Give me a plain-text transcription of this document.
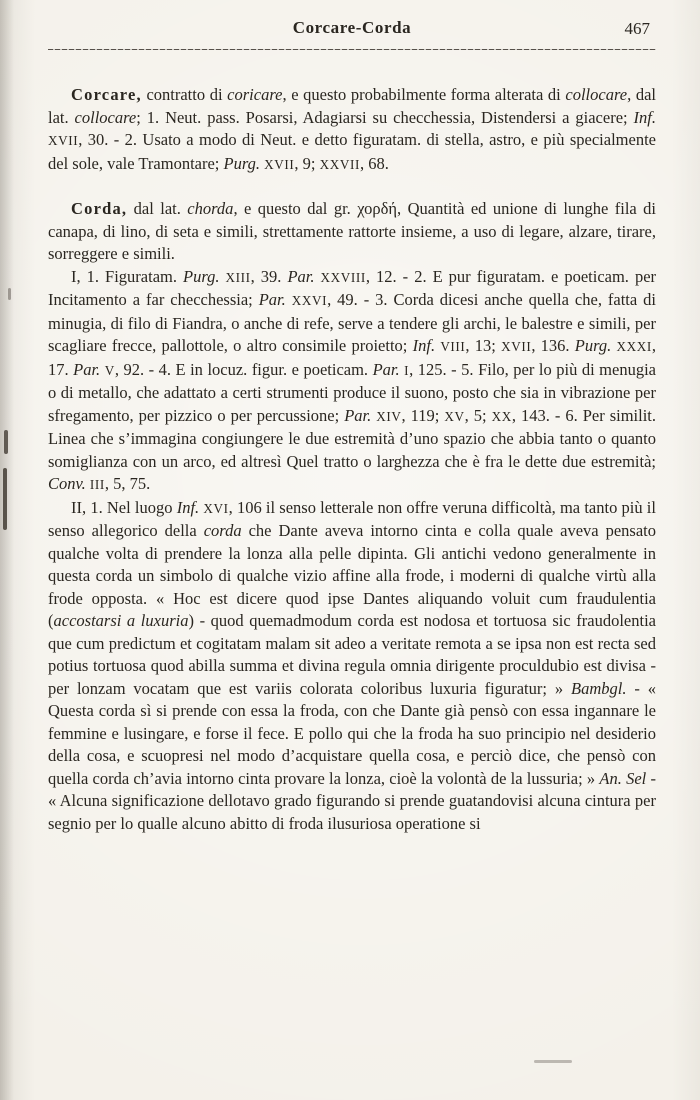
Corcare-Corda	467

Corcare, contratto di coricare, e questo probabilmente forma alterata di collocare, dal lat. collocare; 1. Neut. pass. Posarsi, Adagiarsi su checchessia, Distendersi a giacere; Inf. XVII, 30. - 2. Usato a modo di Neut. e detto figuratam. di stella, astro, e più specialmente del sole, vale Tramontare; Purg. XVII, 9; XXVII, 68.

Corda, dal lat. chorda, e questo dal gr. χορδή, Quantità ed unione di lunghe fila di canapa, di lino, di seta e simili, strettamente rattorte insieme, a uso di legare, alzare, tirare, sorreggere e simili.

I, 1. Figuratam. Purg. XIII, 39. Par. XXVIII, 12. - 2. E pur figuratam. e poeticam. per Incitamento a far checchessia; Par. XXVI, 49. - 3. Corda dicesi anche quella che, fatta di minugia, di filo di Fiandra, o anche di refe, serve a tendere gli archi, le balestre e simili, per scagliare frecce, pallottole, o altro consimile proietto; Inf. VIII, 13; XVII, 136. Purg. XXXI, 17. Par. V, 92. - 4. E in locuz. figur. e poeticam. Par. I, 125. - 5. Filo, per lo più di menugia o di metallo, che adattato a certi strumenti produce il suono, posto che sia in vibrazione per sfregamento, per pizzico o per percussione; Par. XIV, 119; XV, 5; XX, 143. - 6. Per similit. Linea che s’immagina congiungere le due estremità d’uno spazio che abbia tanto o quanto somiglianza con un arco, ed altresì Quel tratto o larghezza che è fra le dette due estremità; Conv. III, 5, 75.

II, 1. Nel luogo Inf. XVI, 106 il senso letterale non offre veruna difficoltà, ma tanto più il senso allegorico della corda che Dante aveva intorno cinta e colla quale aveva pensato qualche volta di prendere la lonza alla pelle dipinta. Gli antichi vedono generalmente in questa corda un simbolo di qualche vizio affine alla frode, i moderni di qualche virtù alla frode opposta. « Hoc est dicere quod ipse Dantes aliquando voluit cum fraudulentia (accostarsi a luxuria) - quod quemadmodum corda est nodosa et tortuosa sic fraudolentia que cum predictum et cogitatam malam sit adeo a veritate remota a se ipsa non est recta sed potius tortuosa quod abilla summa et divina regula omnia dirigente proculdubio est divisa - per lonzam vocatam que est variis colorata coloribus luxuria figuratur; » Bambgl. - « Questa corda sì si prende con essa la froda, con che Dante già pensò con essa ingannare le femmine e lusingare, e forse il fece. E pollo qui che la froda ha suo principio nel desiderio della cosa, e scuopresi nel modo d’acquistare quella cosa, e perciò dice, che pensò con quella corda ch’avia intorno cinta provare la lonza, cioè la volontà de la lussuria; » An. Sel - « Alcuna significazione dellotavo grado figurando si prende guatandovisi alcuna cintura per segnio per lo qualle alcuno abitto di froda ilusuriosa operatione si
